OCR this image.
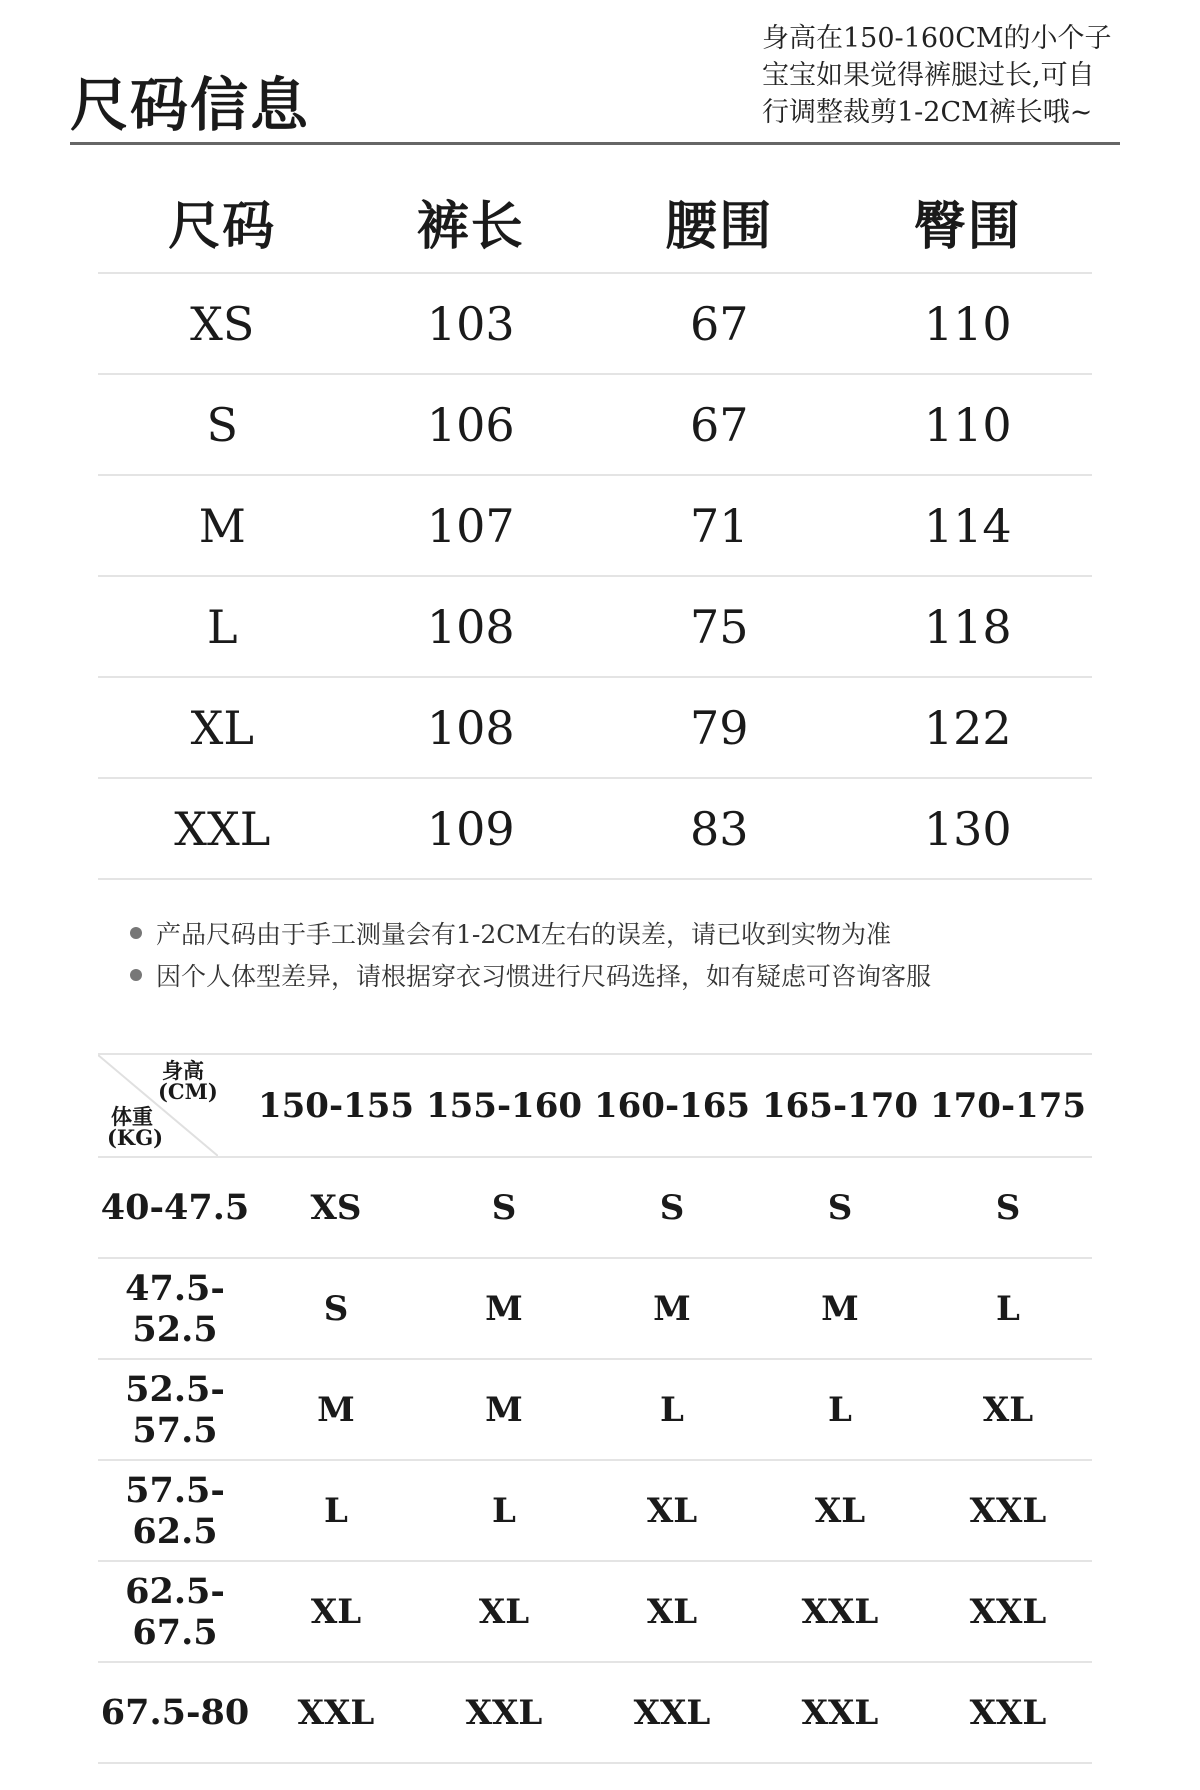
尺码信息
身高在150-160CM的小个子
宝宝如果觉得裤腿过长,可自
行调整裁剪1-2CM裤长哦~
尺码	裤长	腰围	臀围
XS	103	67	110
S	106	67	110
M	107	71	114
L	108	75	118
XL	108	79	122
XXL	109	83	130
产品尺码由于手工测量会有1-2CM左右的误差，请已收到实物为准
因个人体型差异，请根据穿衣习惯进行尺码选择，如有疑虑可咨询客服
身高
(CM)
体重
(KG)	150-155	155-160	160-165	165-170	170-175
40-47.5	XS	S	S	S	S
47.5-52.5	S	M	M	M	L
52.5-57.5	M	M	L	L	XL
57.5-62.5	L	L	XL	XL	XXL
62.5-67.5	XL	XL	XL	XXL	XXL
67.5-80	XXL	XXL	XXL	XXL	XXL
